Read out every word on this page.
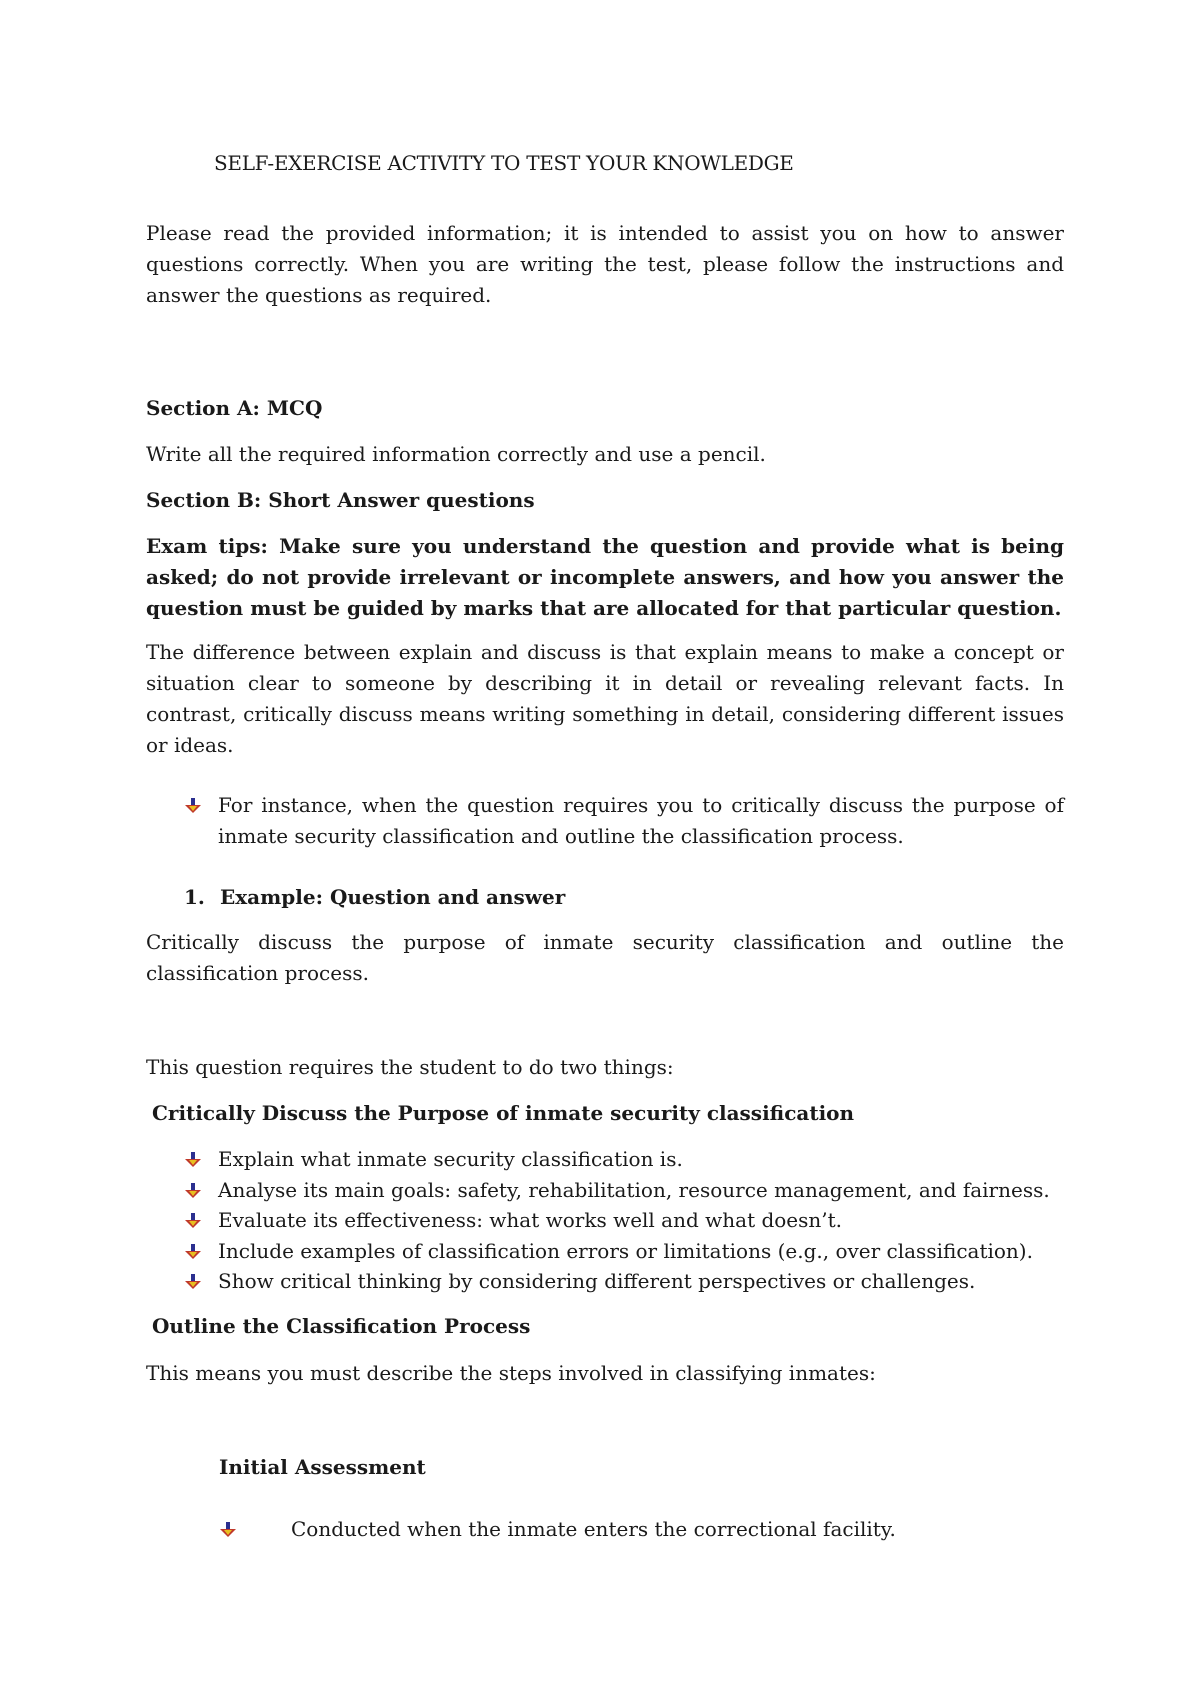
SELF-EXERCISE ACTIVITY TO TEST YOUR KNOWLEDGE

Please read the provided information; it is intended to assist you on how to answer questions correctly. When you are writing the test, please follow the instructions and answer the questions as required.

Section A: MCQ

Write all the required information correctly and use a pencil.

Section B: Short Answer questions

Exam tips: Make sure you understand the question and provide what is being asked; do not provide irrelevant or incomplete answers, and how you answer the question must be guided by marks that are allocated for that particular question.

The difference between explain and discuss is that explain means to make a concept or situation clear to someone by describing it in detail or revealing relevant facts. In contrast, critically discuss means writing something in detail, considering different issues or ideas.

For instance, when the question requires you to critically discuss the purpose of inmate security classification and outline the classification process.

1. Example: Question and answer

Critically discuss the purpose of inmate security classification and outline the classification process.

This question requires the student to do two things:

Critically Discuss the Purpose of inmate security classification

Explain what inmate security classification is.
Analyse its main goals: safety, rehabilitation, resource management, and fairness.
Evaluate its effectiveness: what works well and what doesn’t.
Include examples of classification errors or limitations (e.g., over classification).
Show critical thinking by considering different perspectives or challenges.

Outline the Classification Process

This means you must describe the steps involved in classifying inmates:

Initial Assessment

Conducted when the inmate enters the correctional facility.
